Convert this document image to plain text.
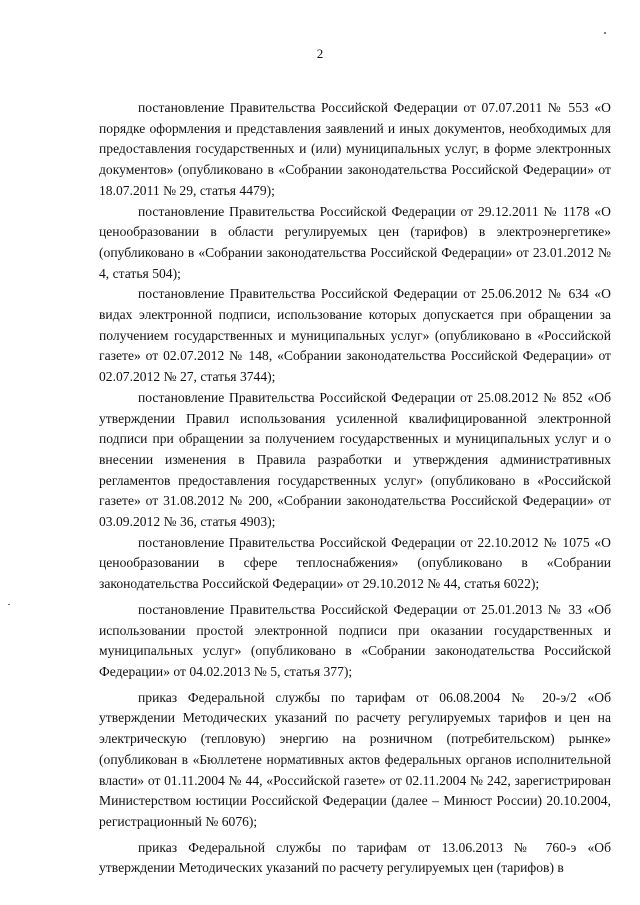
2

постановление Правительства Российской Федерации от 07.07.2011 № 553 «О порядке оформления и представления заявлений и иных документов, необходимых для предоставления государственных и (или) муниципальных услуг, в форме электронных документов» (опубликовано в «Собрании законодательства Российской Федерации» от 18.07.2011 № 29, статья 4479);

постановление Правительства Российской Федерации от 29.12.2011 № 1178 «О ценообразовании в области регулируемых цен (тарифов) в электроэнергетике» (опубликовано в «Собрании законодательства Российской Федерации» от 23.01.2012 № 4, статья 504);

постановление Правительства Российской Федерации от 25.06.2012 № 634 «О видах электронной подписи, использование которых допускается при обращении за получением государственных и муниципальных услуг» (опубликовано в «Российской газете» от 02.07.2012 № 148, «Собрании законодательства Российской Федерации» от 02.07.2012 № 27, статья 3744);

постановление Правительства Российской Федерации от 25.08.2012 № 852 «Об утверждении Правил использования усиленной квалифицированной электронной подписи при обращении за получением государственных и муниципальных услуг и о внесении изменения в Правила разработки и утверждения административных регламентов предоставления государственных услуг» (опубликовано в «Российской газете» от 31.08.2012 № 200, «Собрании законодательства Российской Федерации» от 03.09.2012 № 36, статья 4903);

постановление Правительства Российской Федерации от 22.10.2012 № 1075 «О ценообразовании в сфере теплоснабжения» (опубликовано в «Собрании законодательства Российской Федерации» от 29.10.2012 № 44, статья 6022);

постановление Правительства Российской Федерации от 25.01.2013 № 33 «Об использовании простой электронной подписи при оказании государственных и муниципальных услуг» (опубликовано в «Собрании законодательства Российской Федерации» от 04.02.2013 № 5, статья 377);

приказ Федеральной службы по тарифам от 06.08.2004 № 20-э/2 «Об утверждении Методических указаний по расчету регулируемых тарифов и цен на электрическую (тепловую) энергию на розничном (потребительском) рынке» (опубликован в «Бюллетене нормативных актов федеральных органов исполнительной власти» от 01.11.2004 № 44, «Российской газете» от 02.11.2004 № 242, зарегистрирован Министерством юстиции Российской Федерации (далее – Минюст России) 20.10.2004, регистрационный № 6076);

приказ Федеральной службы по тарифам от 13.06.2013 № 760-э «Об утверждении Методических указаний по расчету регулируемых цен (тарифов) в
